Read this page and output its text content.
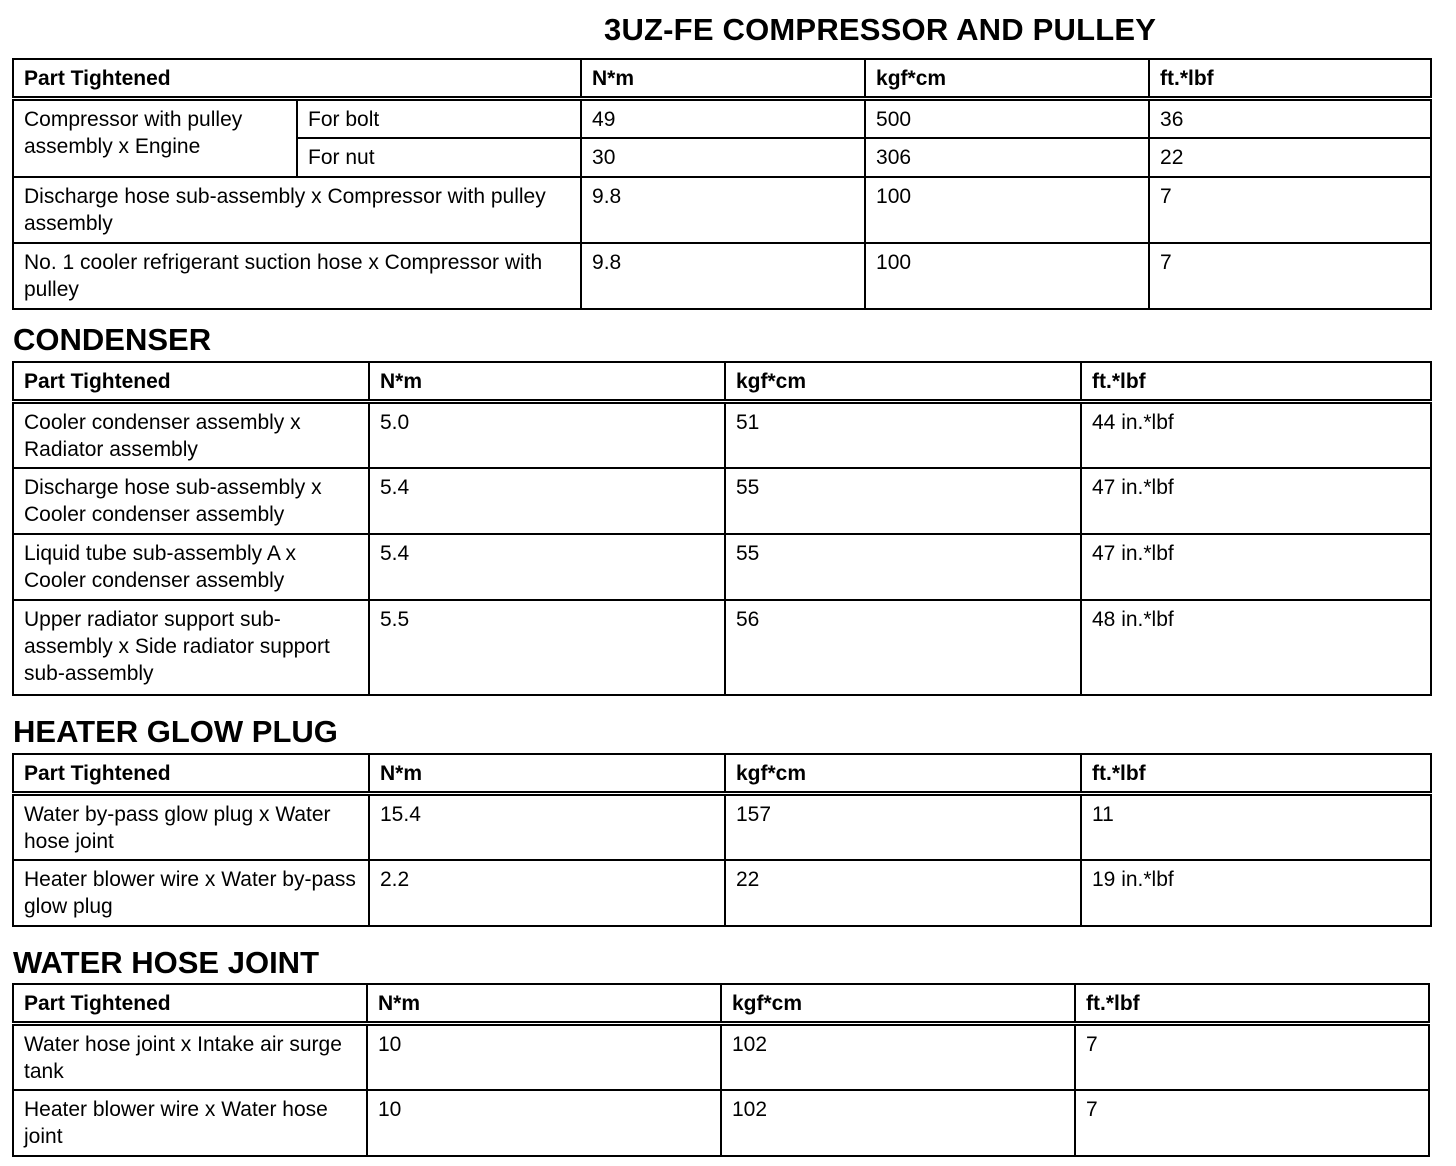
3UZ-FE COMPRESSOR AND PULLEY
Part Tightened		N*m	kgf*cm	ft.*lbf
Compressor with pulley assembly x Engine	For bolt	49	500	36
	For nut	30	306	22
Discharge hose sub-assembly x Compressor with pulley assembly		9.8	100	7
No. 1 cooler refrigerant suction hose x Compressor with pulley		9.8	100	7
CONDENSER
Part Tightened	N*m	kgf*cm	ft.*lbf
Cooler condenser assembly x Radiator assembly	5.0	51	44 in.*lbf
Discharge hose sub-assembly x Cooler condenser assembly	5.4	55	47 in.*lbf
Liquid tube sub-assembly A x Cooler condenser assembly	5.4	55	47 in.*lbf
Upper radiator support sub-assembly x Side radiator support sub-assembly	5.5	56	48 in.*lbf
HEATER GLOW PLUG
Part Tightened	N*m	kgf*cm	ft.*lbf
Water by-pass glow plug x Water hose joint	15.4	157	11
Heater blower wire x Water by-pass glow plug	2.2	22	19 in.*lbf
WATER HOSE JOINT
Part Tightened	N*m	kgf*cm	ft.*lbf
Water hose joint x Intake air surge tank	10	102	7
Heater blower wire x Water hose joint	10	102	7
